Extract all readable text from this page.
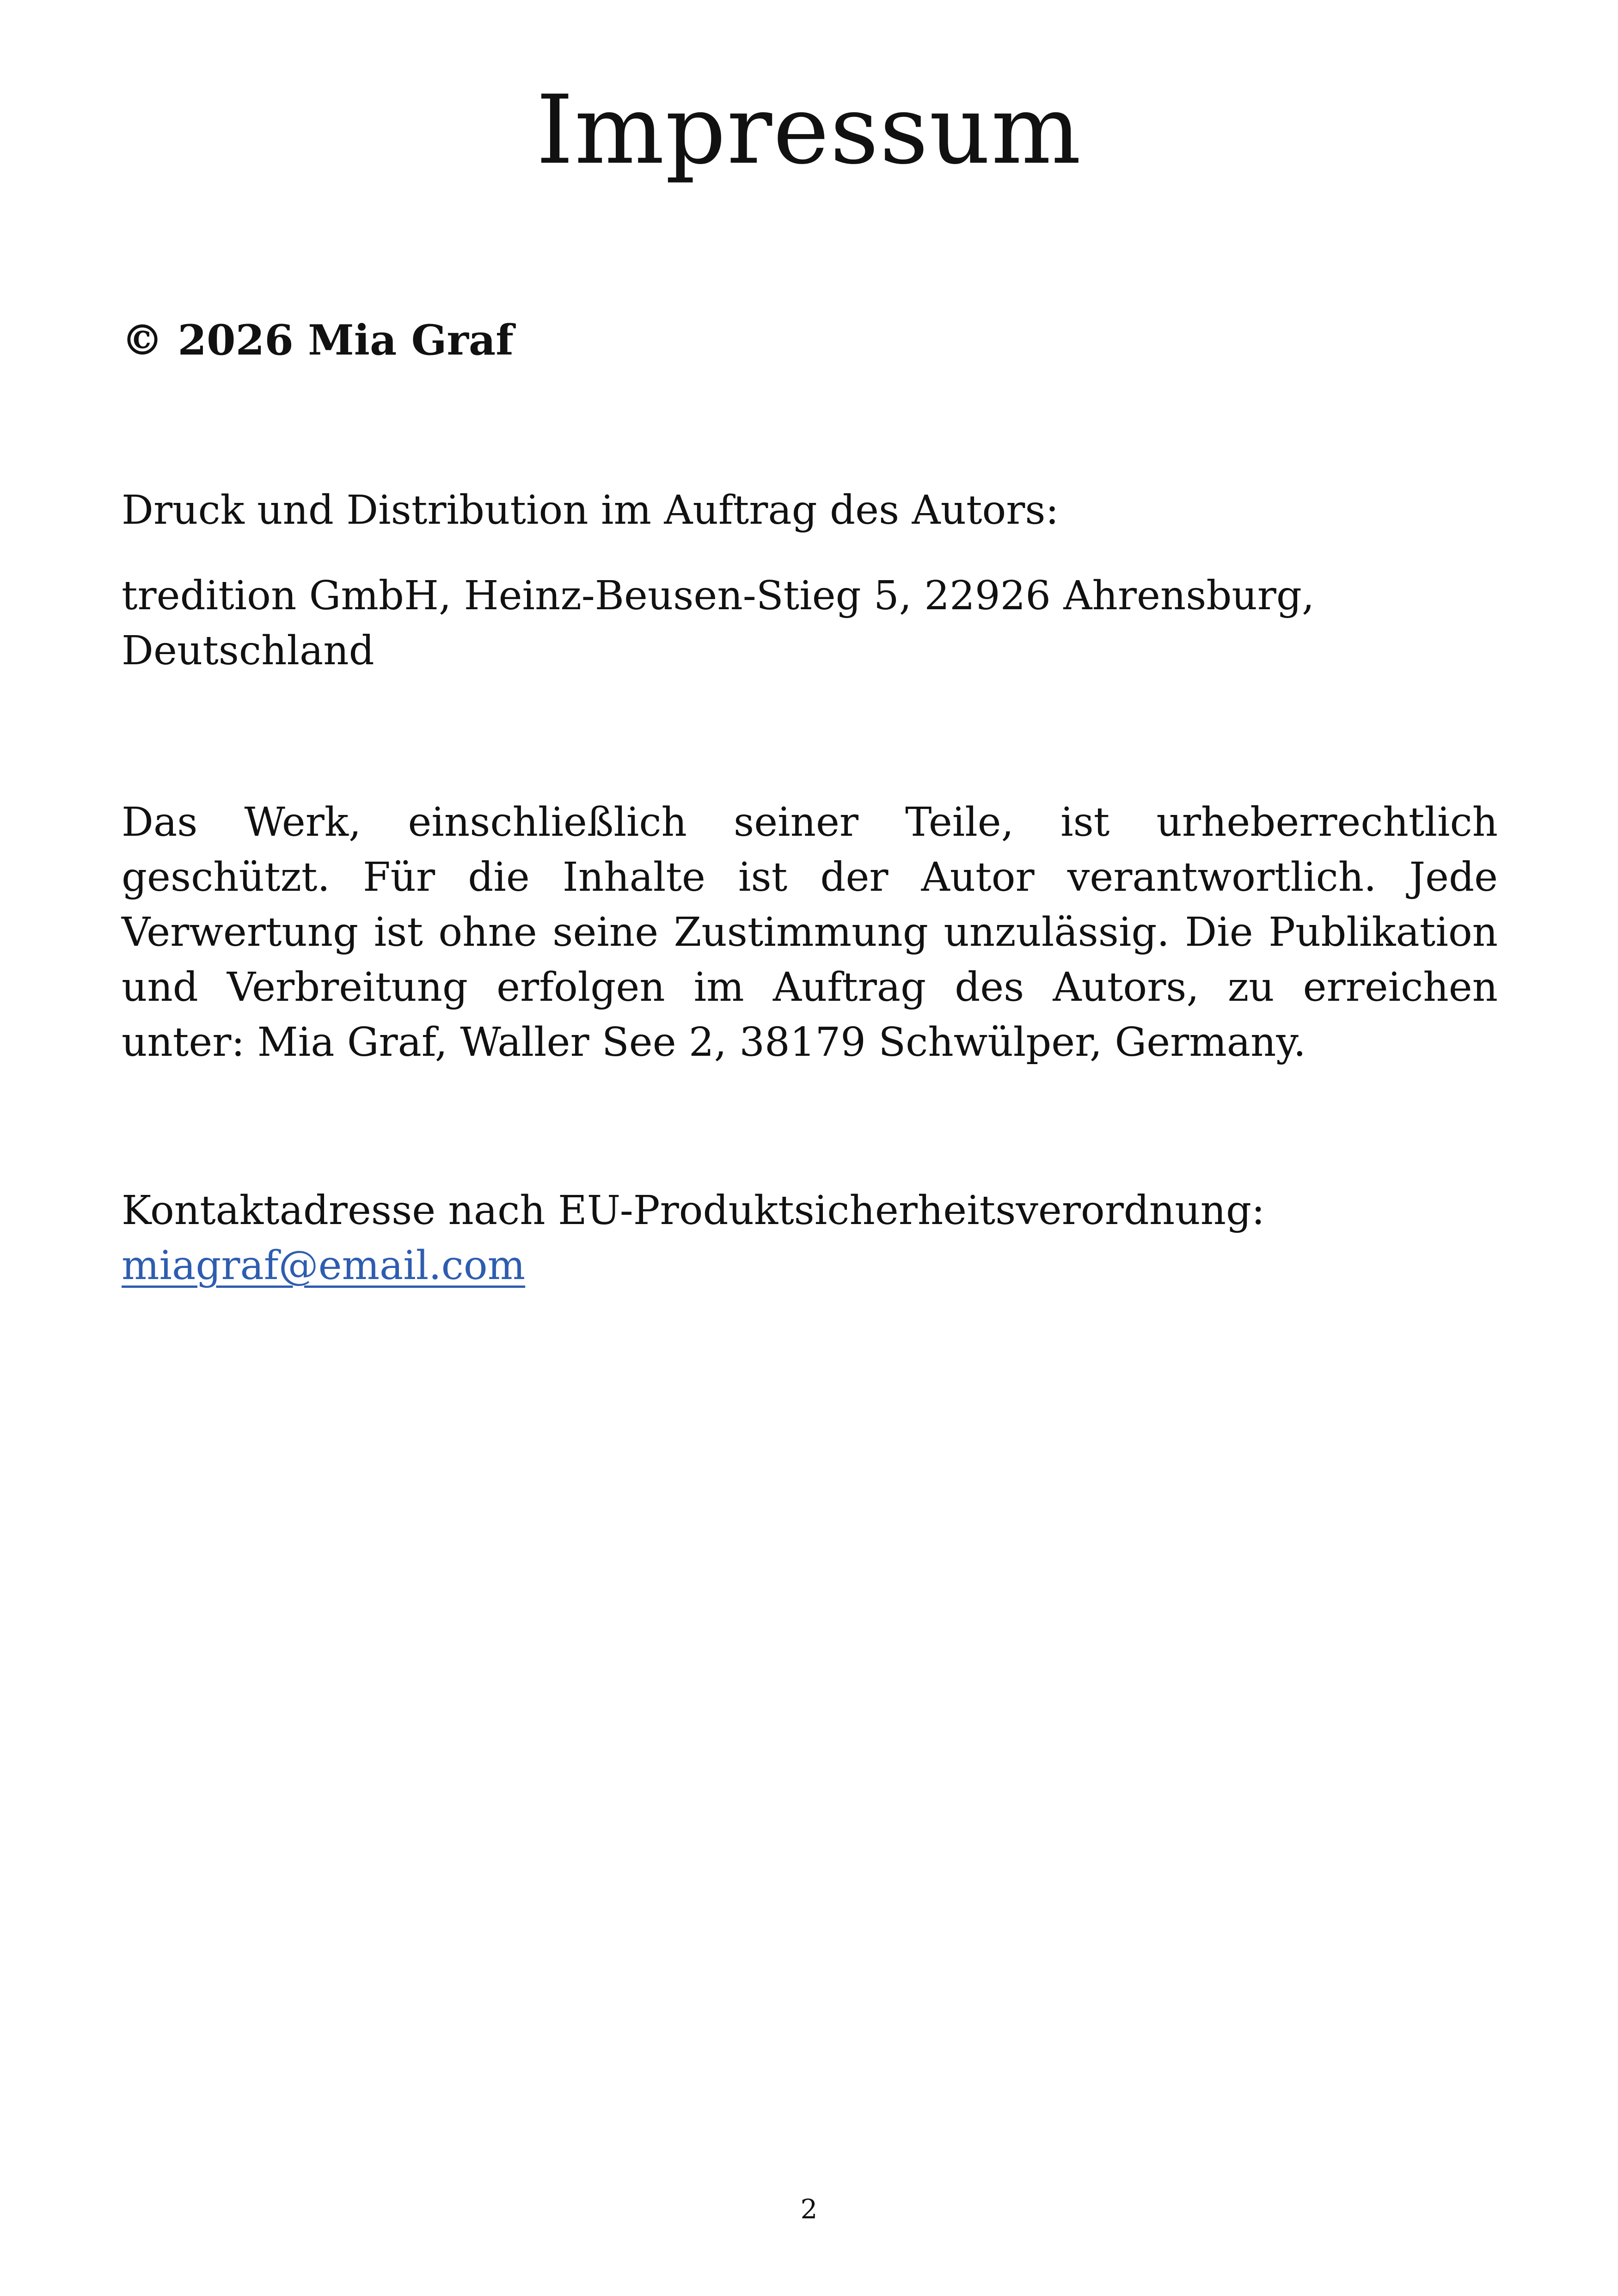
Impressum

© 2026 Mia Graf

Druck und Distribution im Auftrag des Autors:

tredition GmbH, Heinz-Beusen-Stieg 5, 22926 Ahrensburg, Deutschland

Das Werk, einschließlich seiner Teile, ist urheberrechtlich geschützt. Für die Inhalte ist der Autor verantwortlich. Jede Verwertung ist ohne seine Zustimmung unzulässig. Die Publikation und Verbreitung erfolgen im Auftrag des Autors, zu erreichen unter: Mia Graf, Waller See 2, 38179 Schwülper, Germany.

Kontaktadresse nach EU-Produktsicherheitsverordnung:

miagraf@email.com
2
